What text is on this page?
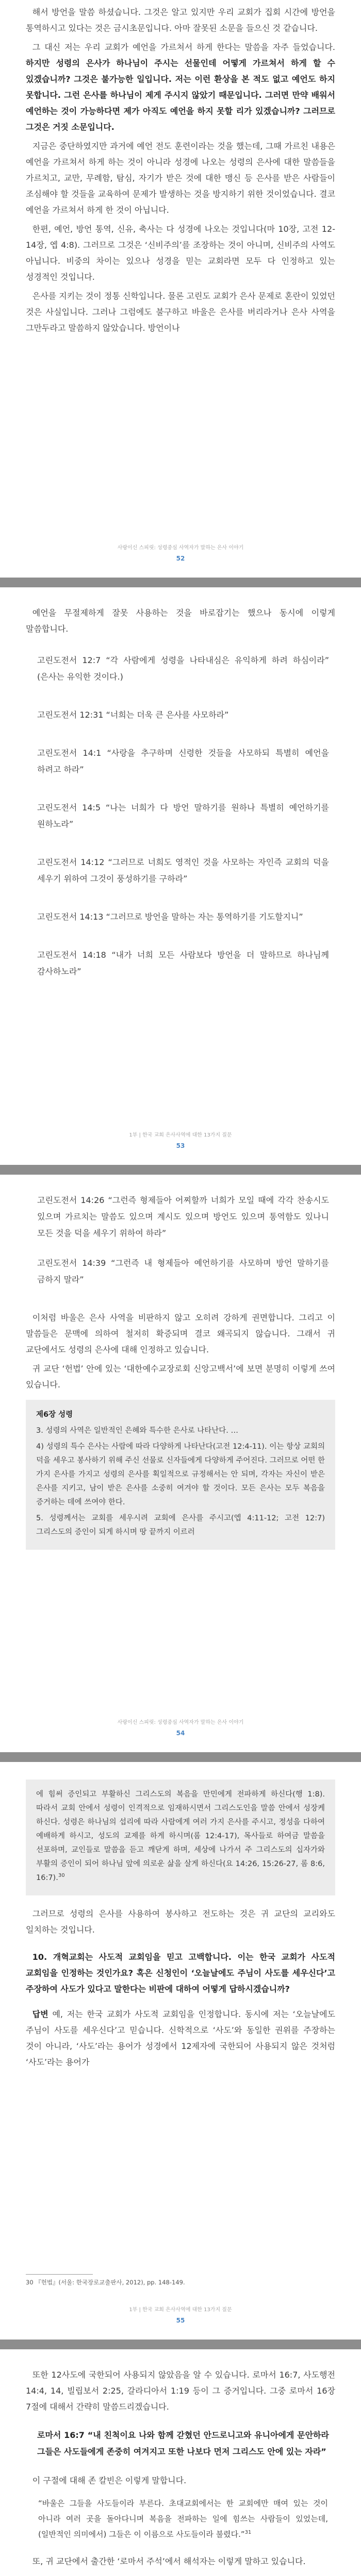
해서 방언을 말씀 하셨습니다. 그것은 알고 있지만 우리 교회가 집회 시간에 방언을 통역하시고 있다는 것은 금시초문입니다. 아마 잘못된 소문을 들으신 것 같습니다.

그 대신 저는 우리 교회가 예언을 가르쳐서 하게 한다는 말씀을 자주 들었습니다. 하지만 성령의 은사가 하나님이 주시는 선물인데 어떻게 가르쳐서 하게 할 수 있겠습니까? 그것은 불가능한 일입니다. 저는 이런 환상을 본 적도 없고 예언도 하지 못합니다. 그런 은사를 하나님이 제게 주시지 않았기 때문입니다. 그러면 만약 배워서 예언하는 것이 가능하다면 제가 아직도 예언을 하지 못할 리가 있겠습니까? 그러므로 그것은 거짓 소문입니다.

지금은 중단하였지만 과거에 예언 전도 훈련이라는 것을 했는데, 그때 가르친 내용은 예언을 가르쳐서 하게 하는 것이 아니라 성경에 나오는 성령의 은사에 대한 말씀들을 가르치고, 교만, 무례함, 탐심, 자기가 받은 것에 대한 맹신 등 은사를 받은 사람들이 조심해야 할 것들을 교육하여 문제가 발생하는 것을 방지하기 위한 것이었습니다. 결코 예언을 가르쳐서 하게 한 것이 아닙니다.

한편, 예언, 방언 통역, 신유, 축사는 다 성경에 나오는 것입니다(마 10장, 고전 12-14장, 엡 4:8). 그러므로 그것은 ‘신비주의’를 조장하는 것이 아니며, 신비주의 사역도 아닙니다. 비중의 차이는 있으나 성경을 믿는 교회라면 모두 다 인정하고 있는 성경적인 것입니다.

은사를 지키는 것이 정통 신학입니다. 물론 고린도 교회가 은사 문제로 혼란이 있었던 것은 사실입니다. 그러나 그럼에도 불구하고 바울은 은사를 버리라거나 은사 사역을 그만두라고 말씀하지 않았습니다. 방언이나

사랑이신 스피릿: 성령중심 사역자가 말하는 은사 이야기
52

예언을 무절제하게 잘못 사용하는 것을 바로잡기는 했으나 동시에 이렇게 말씀합니다.

고린도전서 12:7 “각 사람에게 성령을 나타내심은 유익하게 하려 하심이라” (은사는 유익한 것이다.)

고린도전서 12:31 “너희는 더욱 큰 은사를 사모하라”

고린도전서 14:1 “사랑을 추구하며 신령한 것들을 사모하되 특별히 예언을 하려고 하라”

고린도전서 14:5 “나는 너희가 다 방언 말하기를 원하나 특별히 예언하기를 원하노라”

고린도전서 14:12 “그러므로 너희도 영적인 것을 사모하는 자인즉 교회의 덕을 세우기 위하여 그것이 풍성하기를 구하라”

고린도전서 14:13 “그러므로 방언을 말하는 자는 통역하기를 기도할지니”

고린도전서 14:18 “내가 너희 모든 사람보다 방언을 더 말하므로 하나님께 감사하노라”

1부 | 한국 교회 은사사역에 대한 13가지 질문
53

고린도전서 14:26 “그런즉 형제들아 어찌할까 너희가 모일 때에 각각 찬송시도 있으며 가르치는 말씀도 있으며 계시도 있으며 방언도 있으며 통역함도 있나니 모든 것을 덕을 세우기 위하여 하라”

고린도전서 14:39 “그런즉 내 형제들아 예언하기를 사모하며 방언 말하기를 금하지 말라”

이처럼 바울은 은사 사역을 비판하지 않고 오히려 강하게 권면합니다. 그리고 이 말씀들은 문맥에 의하여 철저히 확증되며 결코 왜곡되지 않습니다. 그래서 귀 교단에서도 성령의 은사에 대해 인정하고 있습니다.

귀 교단 ‘헌법’ 안에 있는 ‘대한예수교장로회 신앙고백서’에 보면 분명히 이렇게 쓰여 있습니다.

제6장 성령

3. 성령의 사역은 일반적인 은혜와 특수한 은사로 나타난다. …

4) 성령의 특수 은사는 사람에 따라 다양하게 나타난다(고전 12:4-11). 이는 항상 교회의 덕을 세우고 봉사하기 위해 주신 선물로 신자들에게 다양하게 주어진다. 그러므로 어떤 한 가지 은사를 가지고 성령의 은사를 획일적으로 규정해서는 안 되며, 각자는 자신이 받은 은사를 지키고, 남이 받은 은사를 소중히 여겨야 할 것이다. 모든 은사는 모두 복음을 증거하는 데에 쓰여야 한다.

5. 성령께서는 교회를 세우시려 교회에 은사를 주시고(엡 4:11-12; 고전 12:7) 그리스도의 증인이 되게 하시며 땅 끝까지 이르러

사랑이신 스피릿: 성령중심 사역자가 말하는 은사 이야기
54

에 힘써 증인되고 부활하신 그리스도의 복음을 만민에게 전파하게 하신다(행 1:8). 따라서 교회 안에서 성령이 인격적으로 임재하시면서 그리스도인을 말씀 안에서 성장케 하신다. 성령은 하나님의 섭리에 따라 사람에게 여러 가지 은사를 주시고, 정성을 다하여 예배하게 하시고, 성도의 교제를 하게 하시며(롬 12:4-17), 목사들로 하여금 말씀을 선포하며, 교인들로 말씀을 듣고 깨닫게 하며, 세상에 나가서 주 그리스도의 십자가와 부활의 증인이 되어 하나님 앞에 의로운 삶을 살게 하신다(요 14:26, 15:26-27, 롬 8:6, 16:7).$^{30}$

그러므로 성령의 은사를 사용하여 봉사하고 전도하는 것은 귀 교단의 교리와도 일치하는 것입니다.

10. 개혁교회는 사도적 교회임을 믿고 고백합니다. 이는 한국 교회가 사도적 교회임을 인정하는 것인가요? 혹은 신청인이 ‘오늘날에도 주님이 사도를 세우신다’고 주장하여 사도가 있다고 말한다는 비판에 대하여 어떻게 답하시겠습니까?

답변 예, 저는 한국 교회가 사도적 교회임을 인정합니다. 동시에 저는 ‘오늘날에도 주님이 사도를 세우신다’고 믿습니다. 신학적으로 ‘사도’와 동일한 권위를 주장하는 것이 아니라, ‘사도’라는 용어가 성경에서 12제자에 국한되어 사용되지 않은 것처럼 ‘사도’라는 용어가

30 『헌법』(서울: 한국장로교출판사, 2012), pp. 148-149.

1부 | 한국 교회 은사사역에 대한 13가지 질문
55

또한 12사도에 국한되어 사용되지 않았음을 알 수 있습니다. 로마서 16:7, 사도행전 14:4, 14, 빌립보서 2:25, 갈라디아서 1:19 등이 그 증거입니다. 그중 로마서 16장 7절에 대해서 간략히 말씀드리겠습니다.

로마서 16:7 “내 친척이요 나와 함께 갇혔던 안드로니고와 유니아에게 문안하라 그들은 사도들에게 존중히 여겨지고 또한 나보다 먼저 그리스도 안에 있는 자라”

이 구절에 대해 존 칼빈은 이렇게 말합니다.

“바울은 그들을 사도들이라 부른다. 초대교회에서는 한 교회에만 매여 있는 것이 아니라 여러 곳을 돌아다니며 복음을 전파하는 일에 힘쓰는 사람들이 있었는데, (일반적인 의미에서) 그들은 이 이름으로 사도들이라 불렸다.”$^{31}$

또, 귀 교단에서 출간한 ‘로마서 주석’에서 해석자는 이렇게 말하고 있습니다.
